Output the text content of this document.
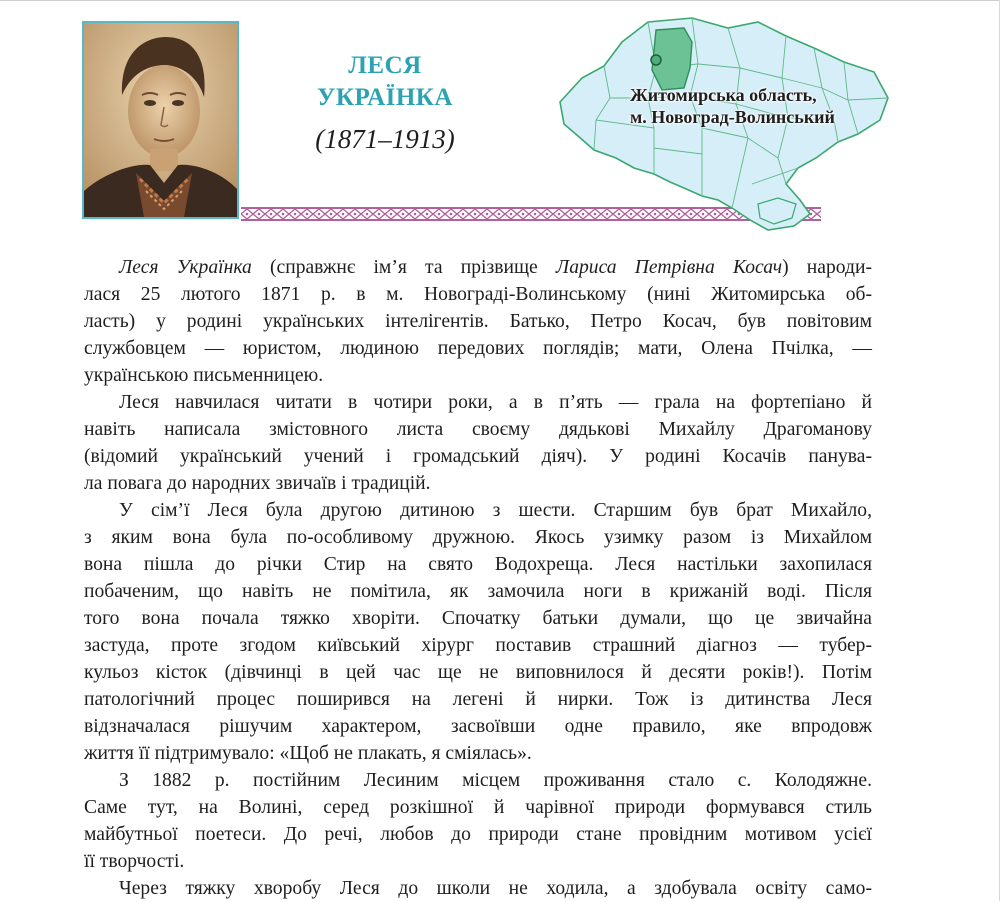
ЛЕСЯ
УКРАЇНКА
(1871–1913)
Житомирська область,
м. Новоград-Волинський
Леся Українка (справжнє ім’я та прізвище Лариса Петрівна Косач) народи-
лася 25 лютого 1871 р. в м. Новограді-Волинському (нині Житомирська об-
ласть) у родині українських інтелігентів. Батько, Петро Косач, був повітовим
службовцем — юристом, людиною передових поглядів; мати, Олена Пчілка, —
українською письменницею.
Леся навчилася читати в чотири роки, а в п’ять — грала на фортепіано й
навіть написала змістовного листа своєму дядькові Михайлу Драгоманову
(відомий український учений і громадський діяч). У родині Косачів панува-
ла повага до народних звичаїв і традицій.
У сім’ї Леся була другою дитиною з шести. Старшим був брат Михайло,
з яким вона була по-особливому дружною. Якось узимку разом із Михайлом
вона пішла до річки Стир на свято Водохреща. Леся настільки захопилася
побаченим, що навіть не помітила, як замочила ноги в крижаній воді. Після
того вона почала тяжко хворіти. Спочатку батьки думали, що це звичайна
застуда, проте згодом київський хірург поставив страшний діагноз — тубер-
кульоз кісток (дівчинці в цей час ще не виповнилося й десяти років!). Потім
патологічний процес поширився на легені й нирки. Тож із дитинства Леся
відзначалася рішучим характером, засвоївши одне правило, яке впродовж
життя її підтримувало: «Щоб не плакать, я сміялась».
З 1882 р. постійним Лесиним місцем проживання стало с. Колодяжне.
Саме тут, на Волині, серед розкішної й чарівної природи формувався стиль
майбутньої поетеси. До речі, любов до природи стане провідним мотивом усієї
її творчості.
Через тяжку хворобу Леся до школи не ходила, а здобувала освіту само-
